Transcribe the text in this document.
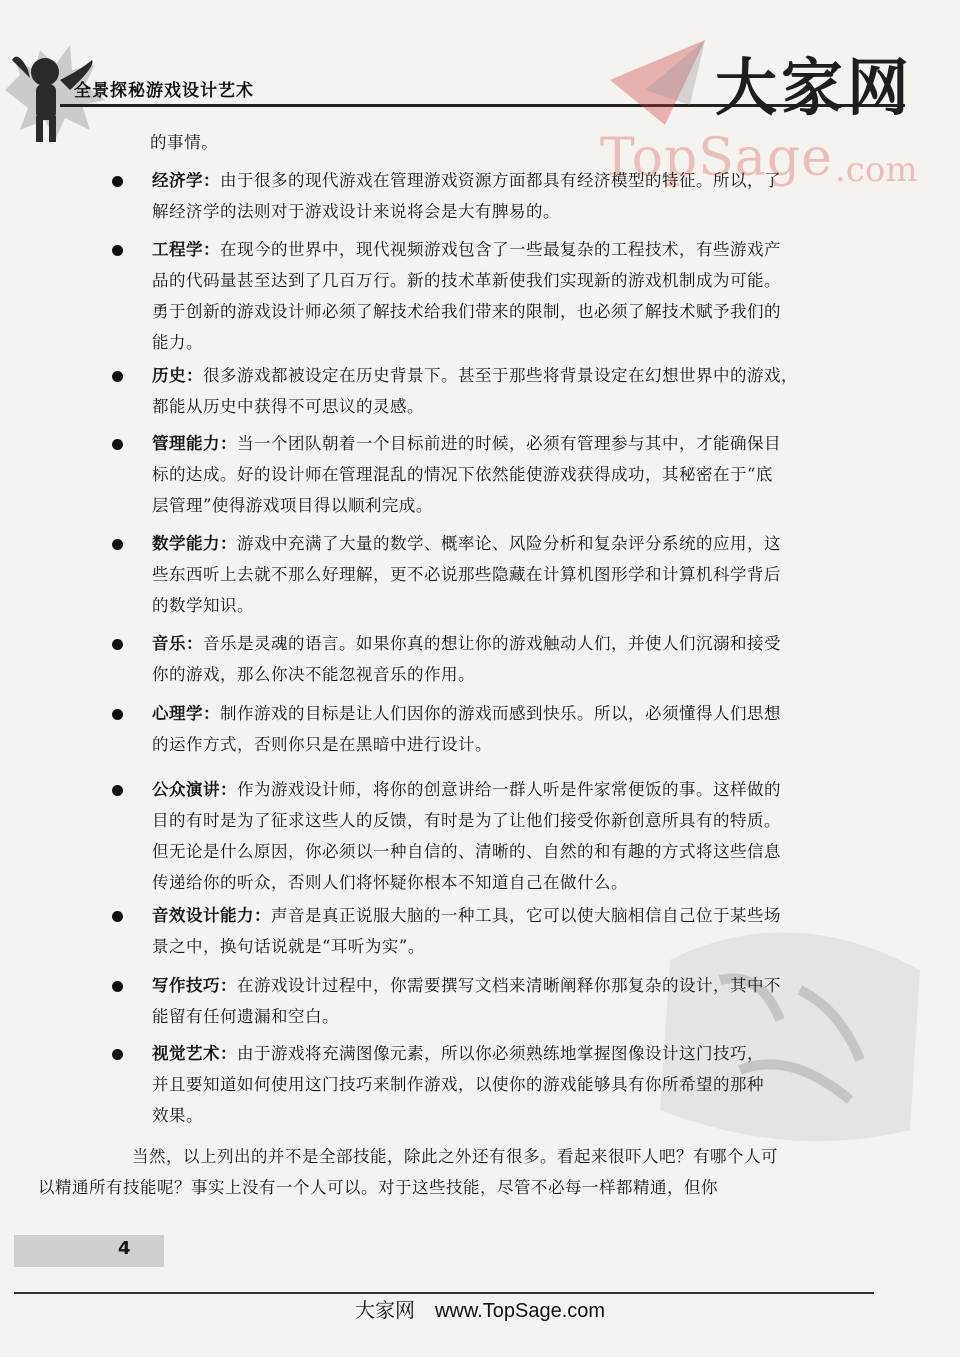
全景探秘游戏设计艺术	大家网
TopSage .com
的事情。
经济学：由于很多的现代游戏在管理游戏资源方面都具有经济模型的特征。所以，了
解经济学的法则对于游戏设计来说将会是大有脾易的。
工程学：在现今的世界中，现代视频游戏包含了一些最复杂的工程技术，有些游戏产
品的代码量甚至达到了几百万行。新的技术革新使我们实现新的游戏机制成为可能。
勇于创新的游戏设计师必须了解技术给我们带来的限制，也必须了解技术赋予我们的
能力。
历史：很多游戏都被设定在历史背景下。甚至于那些将背景设定在幻想世界中的游戏，
都能从历史中获得不可思议的灵感。
管理能力：当一个团队朝着一个目标前进的时候，必须有管理参与其中，才能确保目
标的达成。好的设计师在管理混乱的情况下依然能使游戏获得成功，其秘密在于“底
层管理”使得游戏项目得以顺利完成。
数学能力：游戏中充满了大量的数学、概率论、风险分析和复杂评分系统的应用，这
些东西听上去就不那么好理解，更不必说那些隐藏在计算机图形学和计算机科学背后
的数学知识。
音乐：音乐是灵魂的语言。如果你真的想让你的游戏触动人们，并使人们沉溺和接受
你的游戏，那么你决不能忽视音乐的作用。
心理学：制作游戏的目标是让人们因你的游戏而感到快乐。所以，必须懂得人们思想
的运作方式，否则你只是在黑暗中进行设计。
公众演讲：作为游戏设计师，将你的创意讲给一群人听是件家常便饭的事。这样做的
目的有时是为了征求这些人的反馈，有时是为了让他们接受你新创意所具有的特质。
但无论是什么原因，你必须以一种自信的、清晰的、自然的和有趣的方式将这些信息
传递给你的听众，否则人们将怀疑你根本不知道自己在做什么。
音效设计能力：声音是真正说服大脑的一种工具，它可以使大脑相信自己位于某些场
景之中，换句话说就是“耳听为实”。
写作技巧：在游戏设计过程中，你需要撰写文档来清晰阐释你那复杂的设计，其中不
能留有任何遗漏和空白。
视觉艺术：由于游戏将充满图像元素，所以你必须熟练地掌握图像设计这门技巧，
并且要知道如何使用这门技巧来制作游戏，以使你的游戏能够具有你所希望的那种
效果。
当然，以上列出的并不是全部技能，除此之外还有很多。看起来很吓人吧？有哪个人可
以精通所有技能呢？事实上没有一个人可以。对于这些技能，尽管不必每一样都精通，但你
4
大家网　www.TopSage.com
